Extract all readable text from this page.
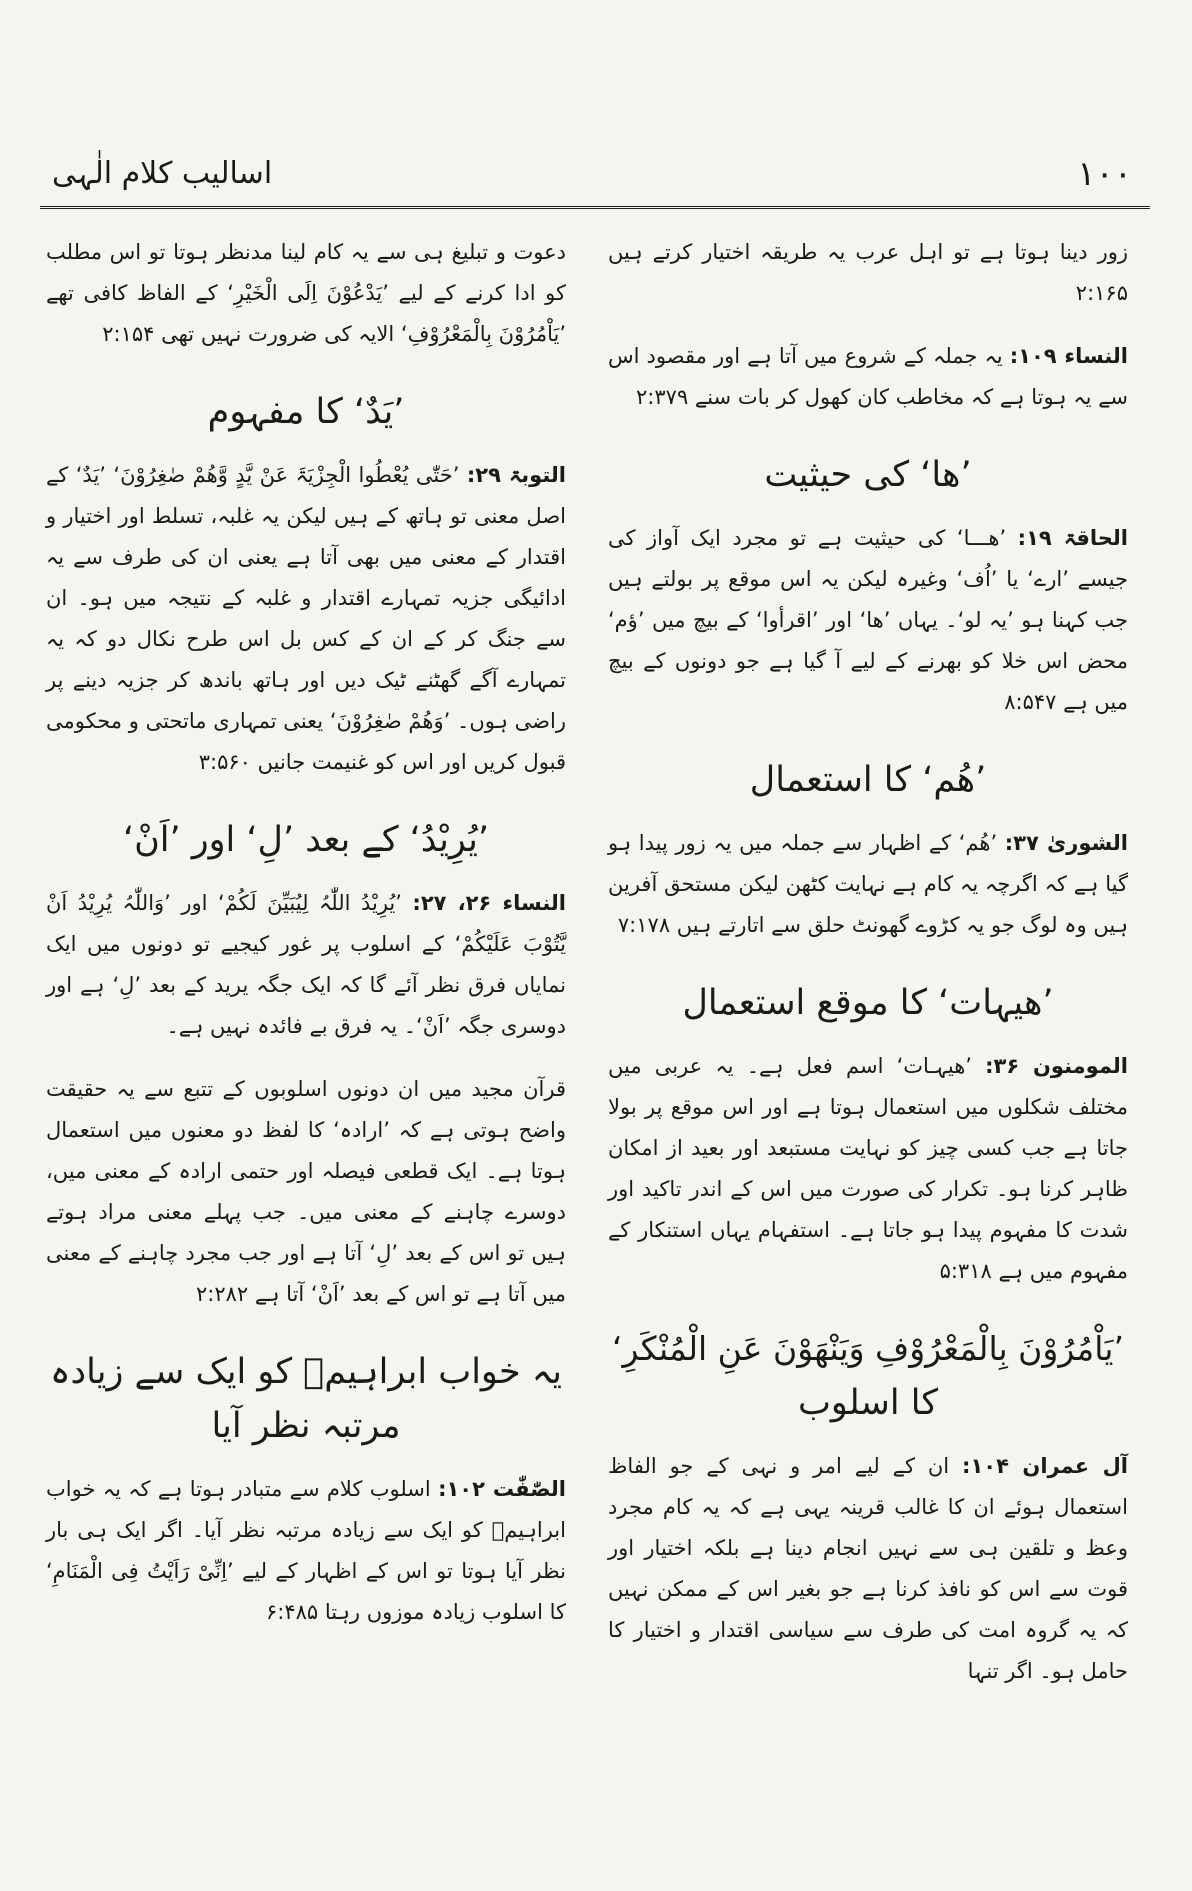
۱۰۰
اسالیب کلام الٰہی

زور دینا ہوتا ہے تو اہل عرب یہ طریقہ اختیار کرتے ہیں ۲:۱۶۵

النساء ۱۰۹: یہ جملہ کے شروع میں آتا ہے اور مقصود اس سے یہ ہوتا ہے کہ مخاطب کان کھول کر بات سنے ۲:۳۷۹

’ھا‘ کی حیثیت

الحاقۃ ۱۹: ’ھـــا‘ کی حیثیت ہے تو مجرد ایک آواز کی جیسے ’ارے‘ یا ’اُف‘ وغیرہ لیکن یہ اس موقع پر بولتے ہیں جب کہنا ہو ’یہ لو‘۔ یہاں ’ھا‘ اور ’اقرأوا‘ کے بیچ میں ’ؤم‘ محض اس خلا کو بھرنے کے لیے آ گیا ہے جو دونوں کے بیچ میں ہے ۸:۵۴۷

’ھُم‘ کا استعمال

الشوریٰ ۳۷: ’ھُم‘ کے اظہار سے جملہ میں یہ زور پیدا ہو گیا ہے کہ اگرچہ یہ کام ہے نہایت کٹھن لیکن مستحق آفرین ہیں وہ لوگ جو یہ کڑوے گھونٹ حلق سے اتارتے ہیں ۷:۱۷۸

’ھیہات‘ کا موقع استعمال

المومنون ۳۶: ’ھیہـات‘ اسم فعل ہے۔ یہ عربی میں مختلف شکلوں میں استعمال ہوتا ہے اور اس موقع پر بولا جاتا ہے جب کسی چیز کو نہایت مستبعد اور بعید از امکان ظاہر کرنا ہو۔ تکرار کی صورت میں اس کے اندر تاکید اور شدت کا مفہوم پیدا ہو جاتا ہے۔ استفہام یہاں استنکار کے مفہوم میں ہے ۵:۳۱۸

’یَاْمُرُوْنَ بِالْمَعْرُوْفِ وَیَنْھَوْنَ عَنِ الْمُنْکَرِ‘
کا اسلوب

آل عمران ۱۰۴: ان کے لیے امر و نہی کے جو الفاظ استعمال ہوئے ان کا غالب قرینہ یہی ہے کہ یہ کام مجرد وعظ و تلقین ہی سے نہیں انجام دینا ہے بلکہ اختیار اور قوت سے اس کو نافذ کرنا ہے جو بغیر اس کے ممکن نہیں کہ یہ گروہ امت کی طرف سے سیاسی اقتدار و اختیار کا حامل ہو۔ اگر تنہا

دعوت و تبلیغ ہی سے یہ کام لینا مدنظر ہوتا تو اس مطلب کو ادا کرنے کے لیے ’یَدْعُوْنَ اِلَی الْخَیْرِ‘ کے الفاظ کافی تھے ’یَاْمُرُوْنَ بِالْمَعْرُوْفِ‘ الایہ کی ضرورت نہیں تھی ۲:۱۵۴

’یَدٌ‘ کا مفہوم

التوبۃ ۲۹: ’حَتّٰی یُعْطُوا الْجِزْیَۃَ عَنْ یَّدٍ وَّھُمْ صٰغِرُوْنَ‘ ’یَدٌ‘ کے اصل معنی تو ہاتھ کے ہیں لیکن یہ غلبہ، تسلط اور اختیار و اقتدار کے معنی میں بھی آتا ہے یعنی ان کی طرف سے یہ ادائیگی جزیہ تمہارے اقتدار و غلبہ کے نتیجہ میں ہو۔ ان سے جنگ کر کے ان کے کس بل اس طرح نکال دو کہ یہ تمہارے آگے گھٹنے ٹیک دیں اور ہاتھ باندھ کر جزیہ دینے پر راضی ہوں۔ ’وَھُمْ صٰغِرُوْنَ‘ یعنی تمہاری ماتحتی و محکومی قبول کریں اور اس کو غنیمت جانیں ۳:۵۶۰

’یُرِیْدُ‘ کے بعد ’لِ‘ اور ’اَنْ‘

النساء ۲۶، ۲۷: ’یُرِیْدُ اللّٰہُ لِیُبَیِّنَ لَکُمْ‘ اور ’وَاللّٰہُ یُرِیْدُ اَنْ یَّتُوْبَ عَلَیْکُمْ‘ کے اسلوب پر غور کیجیے تو دونوں میں ایک نمایاں فرق نظر آئے گا کہ ایک جگہ یرید کے بعد ’لِ‘ ہے اور دوسری جگہ ’اَنْ‘۔ یہ فرق بے فائدہ نہیں ہے۔

قرآن مجید میں ان دونوں اسلوبوں کے تتبع سے یہ حقیقت واضح ہوتی ہے کہ ’ارادہ‘ کا لفظ دو معنوں میں استعمال ہوتا ہے۔ ایک قطعی فیصلہ اور حتمی ارادہ کے معنی میں، دوسرے چاہنے کے معنی میں۔ جب پہلے معنی مراد ہوتے ہیں تو اس کے بعد ’لِ‘ آتا ہے اور جب مجرد چاہنے کے معنی میں آتا ہے تو اس کے بعد ’اَنْ‘ آتا ہے ۲:۲۸۲

یہ خواب ابراہیمؑ کو ایک سے زیادہ مرتبہ نظر آیا

الصّٰفّٰت ۱۰۲: اسلوب کلام سے متبادر ہوتا ہے کہ یہ خواب ابراہیمؑ کو ایک سے زیادہ مرتبہ نظر آیا۔ اگر ایک ہی بار نظر آیا ہوتا تو اس کے اظہار کے لیے ’اِنِّیْ رَاَیْتُ فِی الْمَنَامِ‘ کا اسلوب زیادہ موزوں رہتا ۶:۴۸۵
